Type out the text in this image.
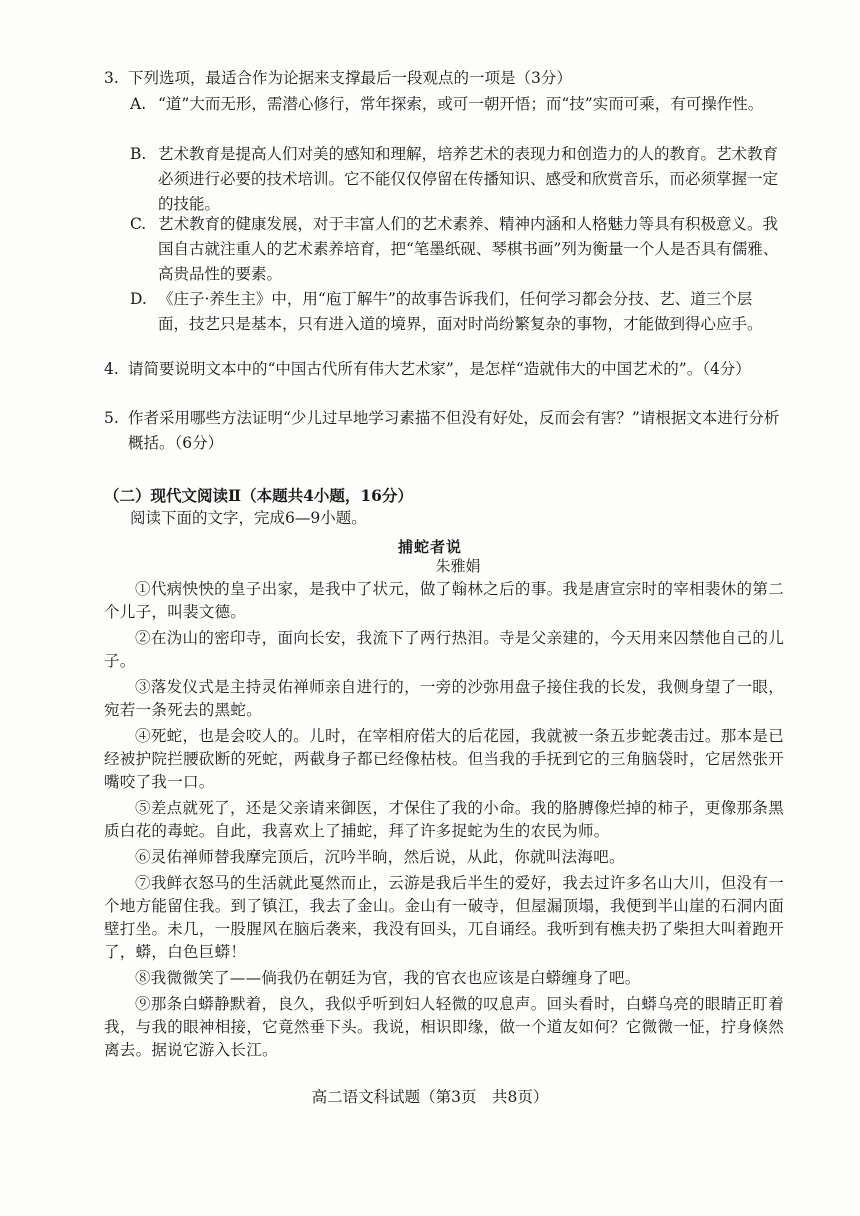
3. 下列选项，最适合作为论据来支撑最后一段观点的一项是（3分）
A. “道”大而无形，需潜心修行，常年探索，或可一朝开悟；而“技”实而可乘，有可操作性。
B. 艺术教育是提高人们对美的感知和理解，培养艺术的表现力和创造力的人的教育。艺术教育必须进行必要的技术培训。它不能仅仅停留在传播知识、感受和欣赏音乐，而必须掌握一定的技能。
C. 艺术教育的健康发展，对于丰富人们的艺术素养、精神内涵和人格魅力等具有积极意义。我国自古就注重人的艺术素养培育，把“笔墨纸砚、琴棋书画”列为衡量一个人是否具有儒雅、高贵品性的要素。
D. 《庄子·养生主》中，用“庖丁解牛”的故事告诉我们，任何学习都会分技、艺、道三个层面，技艺只是基本，只有进入道的境界，面对时尚纷繁复杂的事物，才能做到得心应手。
4. 请简要说明文本中的“中国古代所有伟大艺术家”，是怎样“造就伟大的中国艺术的”。（4分）
5. 作者采用哪些方法证明“少儿过早地学习素描不但没有好处，反而会有害？”请根据文本进行分析概括。（6分）
（二）现代文阅读Ⅱ（本题共4小题，16分）
阅读下面的文字，完成6—9小题。
捕蛇者说
朱雅娟
①代病怏怏的皇子出家，是我中了状元，做了翰林之后的事。我是唐宣宗时的宰相裴休的第二个儿子，叫裴文德。
②在沩山的密印寺，面向长安，我流下了两行热泪。寺是父亲建的，今天用来囚禁他自己的儿子。
③落发仪式是主持灵佑禅师亲自进行的，一旁的沙弥用盘子接住我的长发，我侧身望了一眼，宛若一条死去的黑蛇。
④死蛇，也是会咬人的。儿时，在宰相府偌大的后花园，我就被一条五步蛇袭击过。那本是已经被护院拦腰砍断的死蛇，两截身子都已经像枯枝。但当我的手抚到它的三角脑袋时，它居然张开嘴咬了我一口。
⑤差点就死了，还是父亲请来御医，才保住了我的小命。我的胳膊像烂掉的柿子，更像那条黑质白花的毒蛇。自此，我喜欢上了捕蛇，拜了许多捉蛇为生的农民为师。
⑥灵佑禅师替我摩完顶后，沉吟半晌，然后说，从此，你就叫法海吧。
⑦我鲜衣怒马的生活就此戛然而止，云游是我后半生的爱好，我去过许多名山大川，但没有一个地方能留住我。到了镇江，我去了金山。金山有一破寺，但屋漏顶塌，我便到半山崖的石洞内面壁打坐。未几，一股腥风在脑后袭来，我没有回头，兀自诵经。我听到有樵夫扔了柴担大叫着跑开了，蟒，白色巨蟒！
⑧我微微笑了——倘我仍在朝廷为官，我的官衣也应该是白蟒缠身了吧。
高二语文科试题（第3页　共8页）
⑨那条白蟒静默着，良久，我似乎听到妇人轻微的叹息声。回头看时，白蟒乌亮的眼睛正盯着我，与我的眼神相接，它竟然垂下头。我说，相识即缘，做一个道友如何？它微微一怔，拧身倏然离去。据说它游入长江。
